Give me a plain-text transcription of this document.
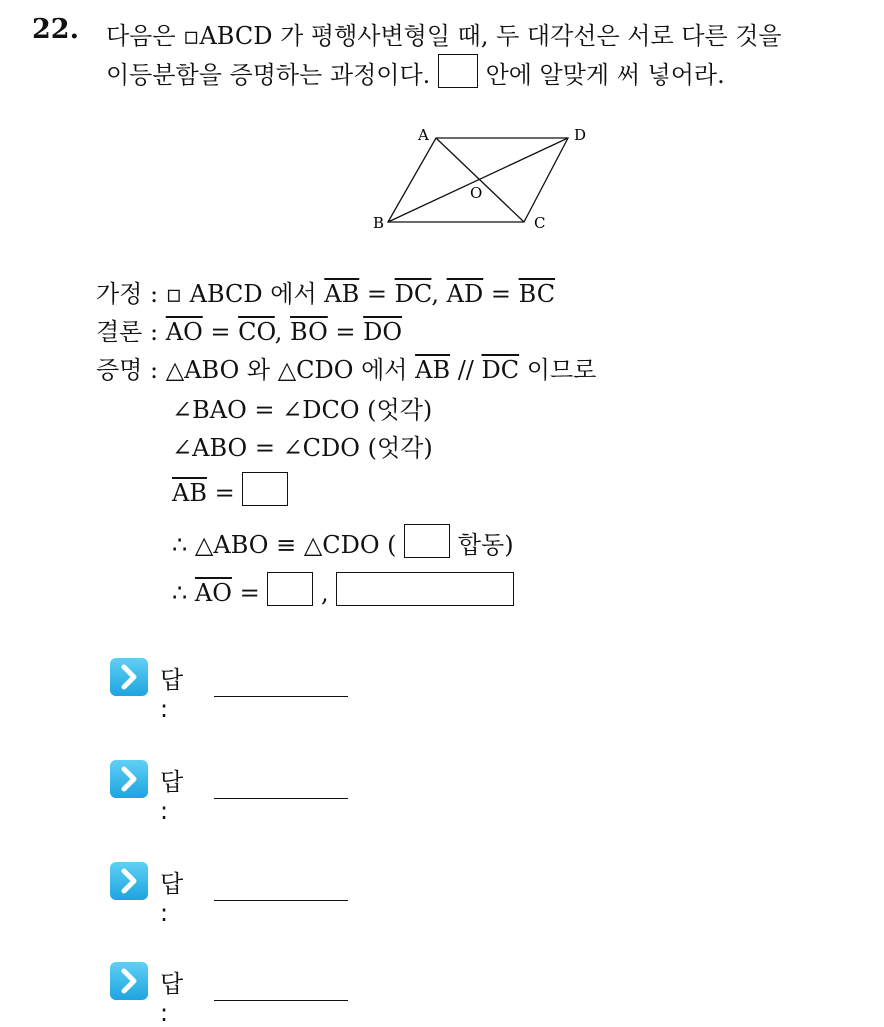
22. 다음은 ▫ABCD 가 평행사변형일 때, 두 대각선은 서로 다른 것을
이등분함을 증명하는 과정이다. 안에 알맞게 써 넣어라.
A	D
B	C
O
가정 : ▫ ABCD 에서 $\overline{AB} = \overline{DC}$, $\overline{AD} = \overline{BC}$
결론 : $\overline{AO} = \overline{CO}$, $\overline{BO} = \overline{DO}$
증명 : △ABO 와 △CDO 에서 $\overline{AB} // \overline{DC}$ 이므로
∠BAO = ∠DCO (엇각)
∠ABO = ∠CDO (엇각)
$\overline{AB}$ =
∴ △ABO ≡ △CDO (	합동)
∴ $\overline{AO}$ =  ,
답 :
답 :
답 :
답 :
